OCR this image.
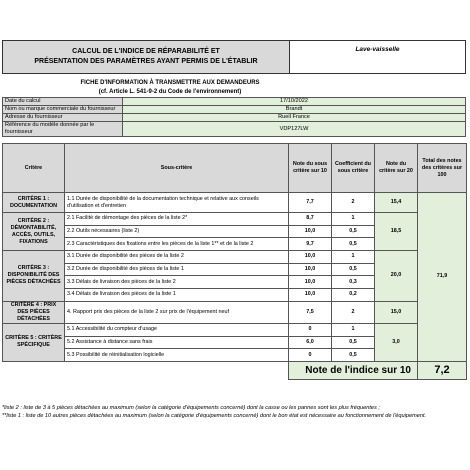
CALCUL DE L'INDICE DE RÉPARABILITÉ ET
PRÉSENTATION DES PARAMÈTRES AYANT PERMIS DE L'ÉTABLIR
Lave-vaisselle
FICHE D'INFORMATION À TRANSMETTRE AUX DEMANDEURS
(cf. Article L. 541-9-2 du Code de l'environnement)
Date du calcul	17/10/2022
Nom ou marque commerciale du fournisseur	Brandt
Adresse du fournisseur	Rueil France
Référence du modèle donnée par le fournisseur	VDP127LW
Critère	Sous-critère	Note du sous critère sur 10	Coefficient du sous critère	Note du critère sur 20	Total des notes des critères sur 100
CRITÈRE 1 : DOCUMENTATION	1.1 Durée de disponibilité de la documentation technique et relative aux conseils d'utilisation et d'entretien	7,7	2	15,4	71,9
CRITÈRE 2 : DÉMONTABILITÉ, ACCÈS, OUTILS, FIXATIONS	2.1 Facilité de démontage des pièces de la liste 2*	8,7	1	18,5	
	2.2 Outils nécessaires (liste 2)	10,0	0,5		
	2.3 Caractéristiques des fixations entre les pièces de la liste 1** et de la liste 2	9,7	0,5		
CRITÈRE 3 : DISPONIBILITÉ DES PIÈCES DÉTACHÉES	3.1 Durée de disponibilité des pièces de la liste 2	10,0	1	20,0	
	3.2 Durée de disponibilité des pièces de la liste 1	10,0	0,5		
	3.3 Délais de livraison des pièces de la liste 2	10,0	0,3		
	3.4 Délais de livraison des pièces de la liste 1	10,0	0,2		
CRITÈRE 4 : PRIX DES PIÈCES DÉTACHÉES	4. Rapport prix des pièces de la liste 2 sur prix de l'équipement neuf	7,5	2	15,0	
CRITÈRE 5 : CRITÈRE SPÉCIFIQUE	5.1 Accessibilité du compteur d'usage	0	1	3,0	
	5.2 Assistance à distance sans frais	6,0	0,5		
	5.3 Possibilité de réinitialisation logicielle	0	0,5		
		Note de l'indice sur 10			7,2
*liste 2 : liste de 3 à 5 pièces détachées au maximum (selon la catégorie d'équipements concerné) dont la casse ou les pannes sont les plus fréquentes ;
**liste 1 : liste de 10 autres pièces détachées au maximum (selon la catégorie d'équipements concerné) dont le bon état est nécessaire au fonctionnement de l'équipement.
